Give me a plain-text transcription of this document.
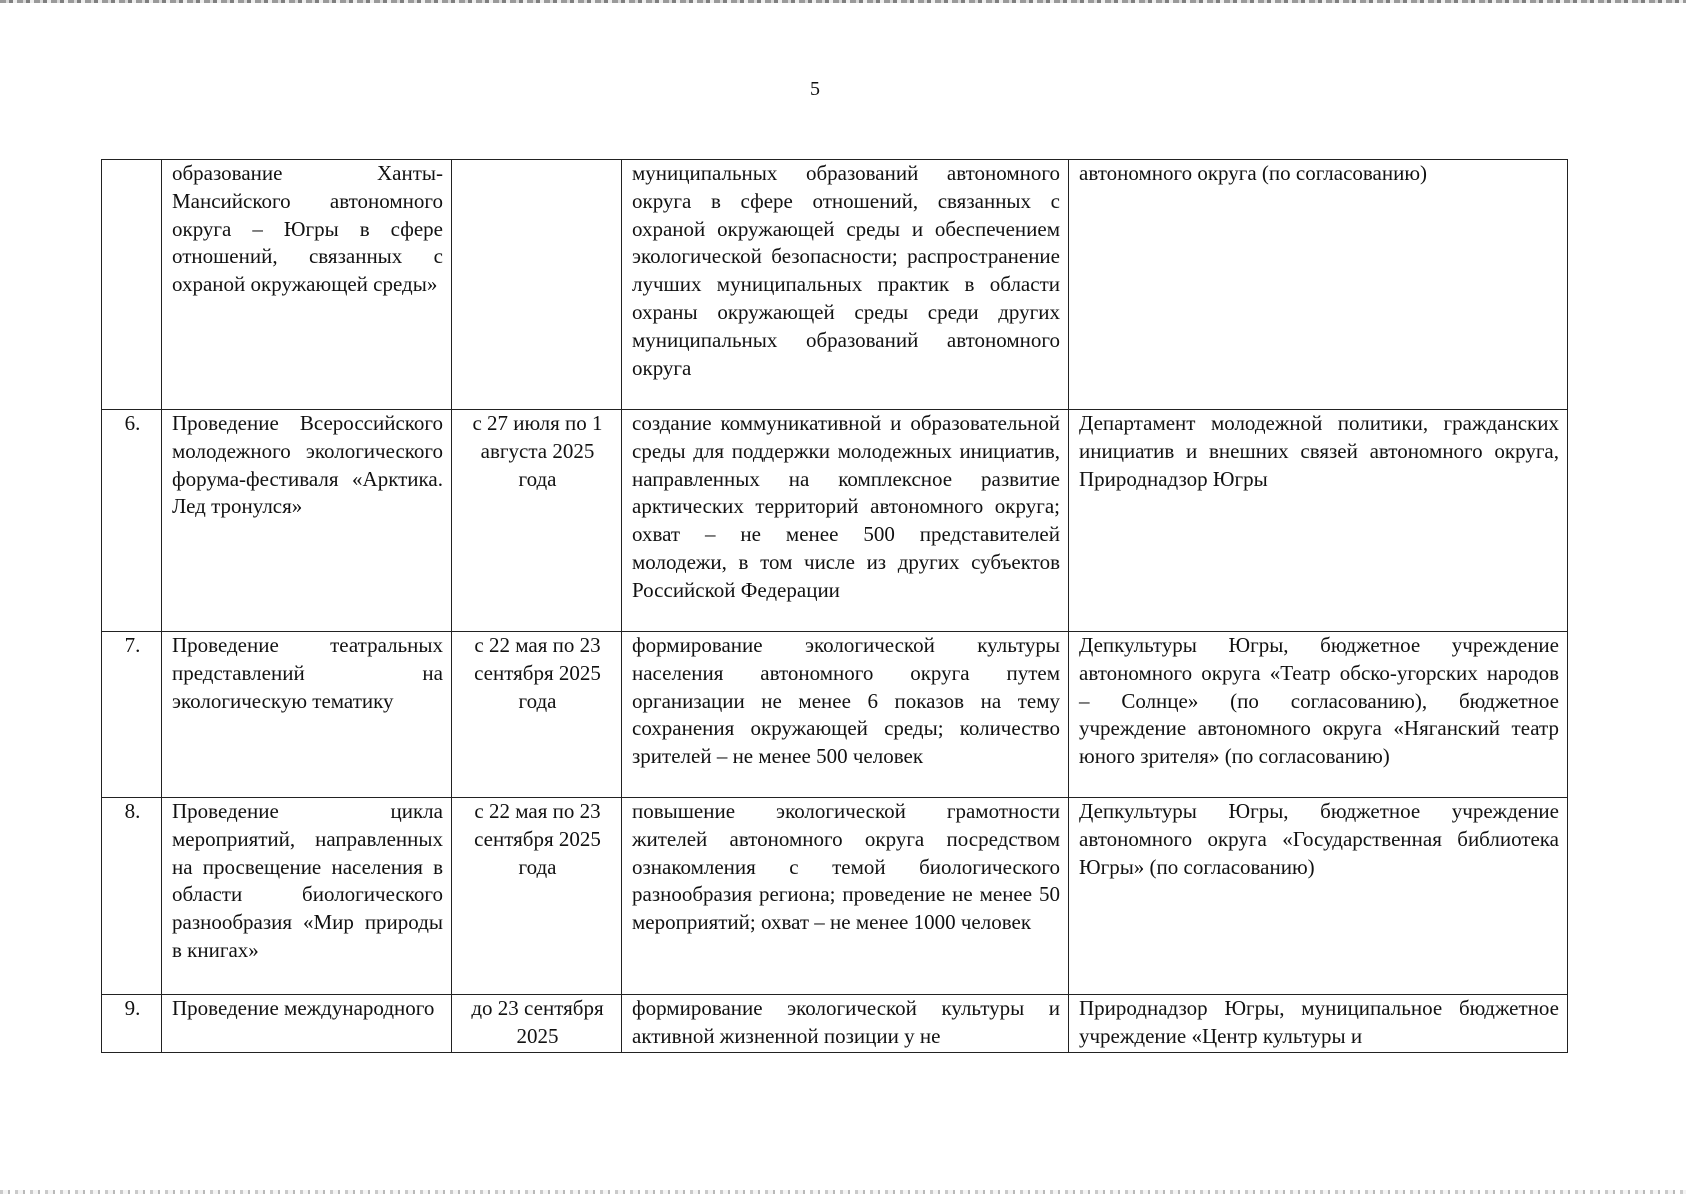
5
	образование Ханты-Мансийского автономного округа – Югры в сфере отношений, связанных с охраной окружающей среды»		муниципальных образований автономного округа в сфере отношений, связанных с охраной окружающей среды и обеспечением экологической безопасности; распространение лучших муниципальных практик в области охраны окружающей среды среди других муниципальных образований автономного округа	автономного округа (по согласованию)
6.	Проведение Всероссийского молодежного экологического форума-фестиваля «Арктика. Лед тронулся»	с 27 июля по 1 августа 2025 года	создание коммуникативной и образовательной среды для поддержки молодежных инициатив, направленных на комплексное развитие арктических территорий автономного округа; охват – не менее 500 представителей молодежи, в том числе из других субъектов Российской Федерации	Департамент молодежной политики, гражданских инициатив и внешних связей автономного округа, Природнадзор Югры
7.	Проведение театральных представлений на экологическую тематику	с 22 мая по 23 сентября 2025 года	формирование экологической культуры населения автономного округа путем организации не менее 6 показов на тему сохранения окружающей среды; количество зрителей – не менее 500 человек	Депкультуры Югры, бюджетное учреждение автономного округа «Театр обско-угорских народов – Солнце» (по согласованию), бюджетное учреждение автономного округа «Няганский театр юного зрителя» (по согласованию)
8.	Проведение цикла мероприятий, направленных на просвещение населения в области биологического разнообразия «Мир природы в книгах»	с 22 мая по 23 сентября 2025 года	повышение экологической грамотности жителей автономного округа посредством ознакомления с темой биологического разнообразия региона; проведение не менее 50 мероприятий; охват – не менее 1000 человек	Депкультуры Югры, бюджетное учреждение автономного округа «Государственная библиотека Югры» (по согласованию)
9.	Проведение международного	до 23 сентября 2025	формирование экологической культуры и активной жизненной позиции у не	Природнадзор Югры, муниципальное бюджетное учреждение «Центр культуры и
